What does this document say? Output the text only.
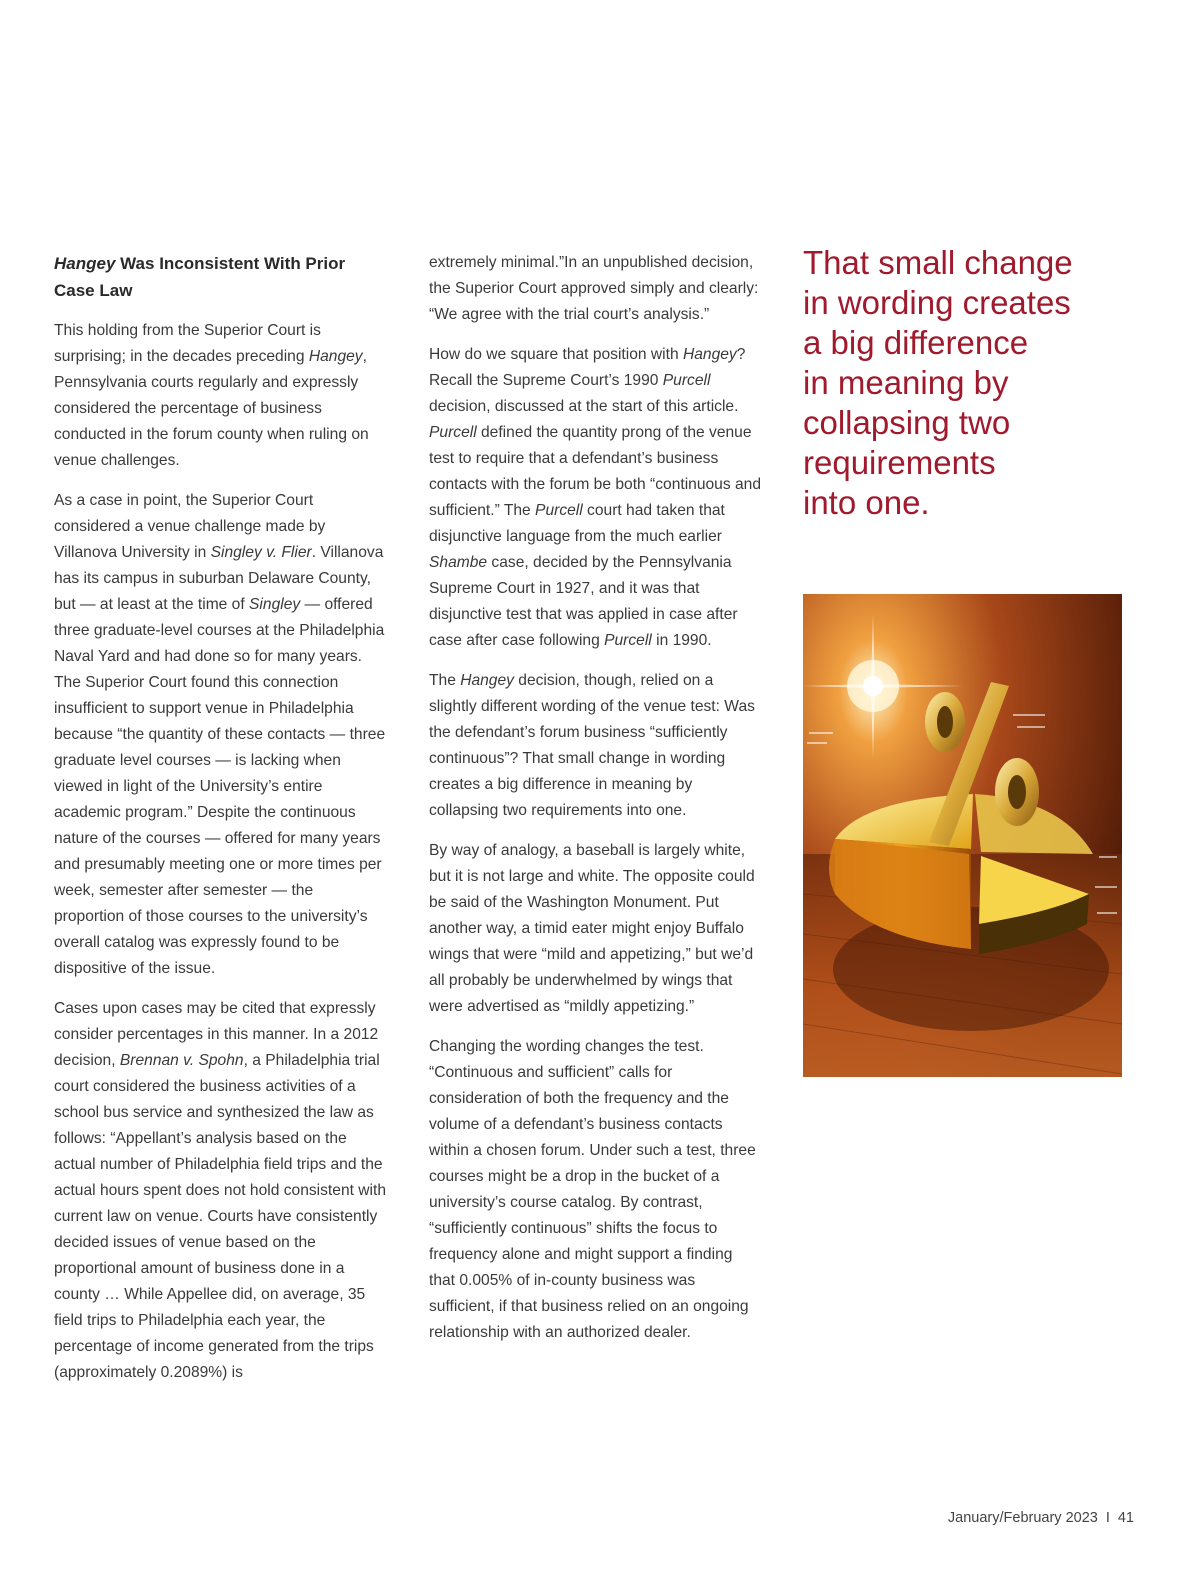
Hangey Was Inconsistent With Prior Case Law

This holding from the Superior Court is surprising; in the decades preceding Hangey, Pennsylvania courts regularly and expressly considered the percentage of business conducted in the forum county when ruling on venue challenges.

As a case in point, the Superior Court considered a venue challenge made by Villanova University in Singley v. Flier. Villanova has its campus in suburban Delaware County, but — at least at the time of Singley — offered three graduate-level courses at the Philadelphia Naval Yard and had done so for many years. The Superior Court found this connection insufficient to support venue in Philadelphia because “the quantity of these contacts — three graduate level courses — is lacking when viewed in light of the University’s entire academic program.” Despite the continuous nature of the courses — offered for many years and presumably meeting one or more times per week, semester after semester — the proportion of those courses to the university’s overall catalog was expressly found to be dispositive of the issue.

Cases upon cases may be cited that expressly consider percentages in this manner. In a 2012 decision, Brennan v. Spohn, a Philadelphia trial court considered the business activities of a school bus service and synthesized the law as follows: “Appellant’s analysis based on the actual number of Philadelphia field trips and the actual hours spent does not hold consistent with current law on venue. Courts have consistently decided issues of venue based on the proportional amount of business done in a county … While Appellee did, on average, 35 field trips to Philadelphia each year, the percentage of income generated from the trips (approximately 0.2089%) is

extremely minimal.”In an unpublished decision, the Superior Court approved simply and clearly: “We agree with the trial court’s analysis.”

How do we square that position with Hangey? Recall the Supreme Court’s 1990 Purcell decision, discussed at the start of this article. Purcell defined the quantity prong of the venue test to require that a defendant’s business contacts with the forum be both “continuous and sufficient.” The Purcell court had taken that disjunctive language from the much earlier Shambe case, decided by the Pennsylvania Supreme Court in 1927, and it was that disjunctive test that was applied in case after case after case following Purcell in 1990.

The Hangey decision, though, relied on a slightly different wording of the venue test: Was the defendant’s forum business “sufficiently continuous”? That small change in wording creates a big difference in meaning by collapsing two requirements into one.

By way of analogy, a baseball is largely white, but it is not large and white. The opposite could be said of the Washington Monument. Put another way, a timid eater might enjoy Buffalo wings that were “mild and appetizing,” but we’d all probably be underwhelmed by wings that were advertised as “mildly appetizing.”

Changing the wording changes the test. “Continuous and sufficient” calls for consideration of both the frequency and the volume of a defendant’s business contacts within a chosen forum. Under such a test, three courses might be a drop in the bucket of a university’s course catalog. By contrast, “sufficiently continuous” shifts the focus to frequency alone and might support a finding that 0.005% of in-county business was sufficient, if that business relied on an ongoing relationship with an authorized dealer.

That small change
in wording creates
a big difference
in meaning by
collapsing two
requirements
into one.
January/February 2023 I 41
